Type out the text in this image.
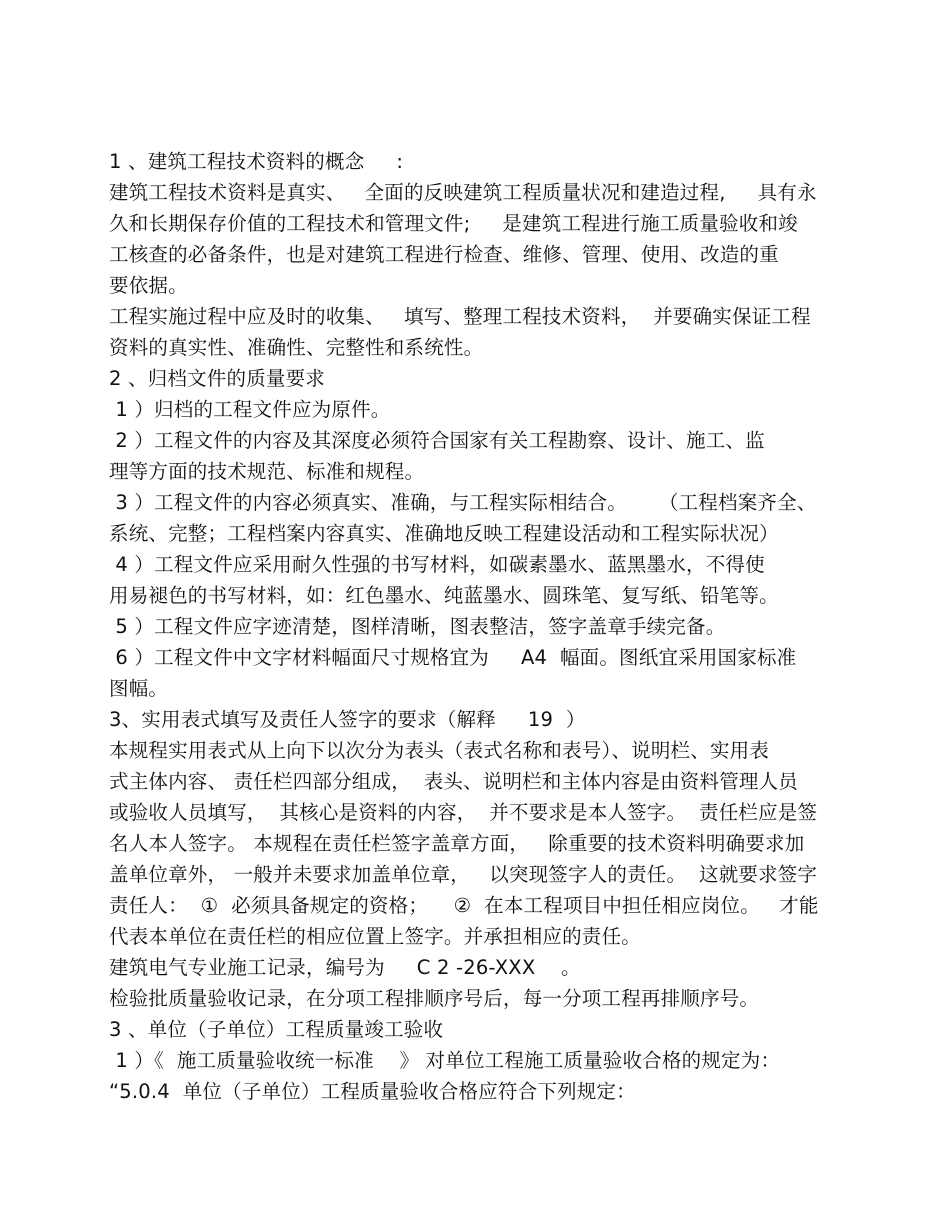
1 、建筑工程技术资料的概念     :
建筑工程技术资料是真实、   全面的反映建筑工程质量状况和建造过程,     具有永
久和长期保存价值的工程技术和管理文件;     是建筑工程进行施工质量验收和竣
工核查的必备条件，也是对建筑工程进行检查、维修、管理、使用、改造的重
要依据。
工程实施过程中应及时的收集、   填写、整理工程技术资料，  并要确实保证工程
资料的真实性、准确性、完整性和系统性。
2 、归档文件的质量要求
1 ）归档的工程文件应为原件。
2 ）工程文件的内容及其深度必须符合国家有关工程勘察、设计、施工、监
理等方面的技术规范、标准和规程。
3 ）工程文件的内容必须真实、准确，与工程实际相结合。     （工程档案齐全、
系统、完整；工程档案内容真实、准确地反映工程建设活动和工程实际状况）
4 ）工程文件应采用耐久性强的书写材料，如碳素墨水、蓝黑墨水，不得使
用易褪色的书写材料，如：红色墨水、纯蓝墨水、圆珠笔、复写纸、铅笔等。
5 ）工程文件应字迹清楚，图样清晰，图表整洁，签字盖章手续完备。
6 ）工程文件中文字材料幅面尺寸规格宜为     A4  幅面。图纸宜采用国家标准
图幅。
3、实用表式填写及责任人签字的要求（解释     19  ）
本规程实用表式从上向下以次分为表头（表式名称和表号）、说明栏、实用表
式主体内容、 责任栏四部分组成，  表头、说明栏和主体内容是由资料管理人员
或验收人员填写，  其核心是资料的内容，  并不要求是本人签字。  责任栏应是签
名人本人签字。 本规程在责任栏签字盖章方面，   除重要的技术资料明确要求加
盖单位章外， 一般并未要求加盖单位章，   以突现签字人的责任。  这就要求签字
责任人：  ①  必须具备规定的资格；    ②  在本工程项目中担任相应岗位。   才能
代表本单位在责任栏的相应位置上签字。并承担相应的责任。
建筑电气专业施工记录，编号为     C 2 -26-XXX    。
检验批质量验收记录，在分项工程排顺序号后，每一分项工程再排顺序号。
3 、单位（子单位）工程质量竣工验收
1 ）《  施工质量验收统一标准    》 对单位工程施工质量验收合格的规定为：
“5.0.4  单位（子单位）工程质量验收合格应符合下列规定：
